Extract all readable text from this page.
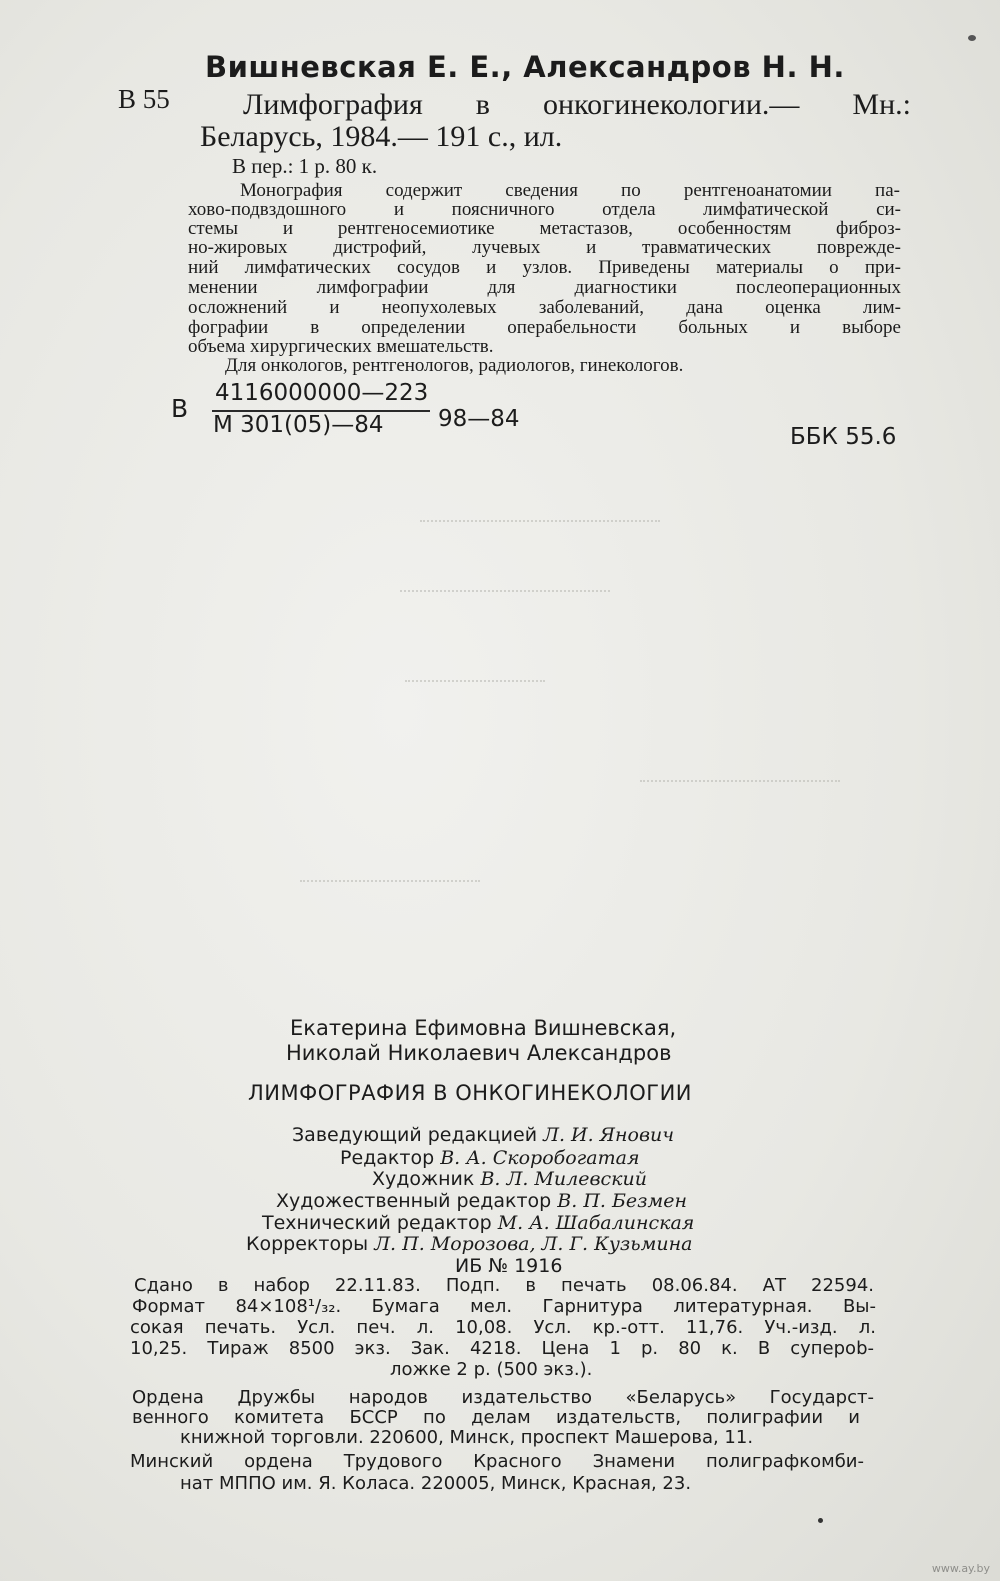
В 55
Вишневская Е. Е., Александров Н. Н.
Лимфография в онкогинекологии.— Мн.:
Беларусь, 1984.— 191 с., ил.
В пер.: 1 р. 80 к.
Монография содержит сведения по рентгеноанатомии па-
хово-подвздошного и поясничного отдела лимфатической си-
стемы и рентгеносемиотике метастазов, особенностям фиброз-
но-жировых дистрофий, лучевых и травматических поврежде-
ний лимфатических сосудов и узлов. Приведены материалы о при-
менении лимфографии для диагностики послеоперационных
осложнений и неопухолевых заболеваний, дана оценка лим-
фографии в определении операбельности больных и выборе
объема хирургических вмешательств.
Для онкологов, рентгенологов, радиологов, гинекологов.
В
4116000000—223
М 301(05)—84 98—84
ББК 55.6
Екатерина Ефимовна Вишневская,
Николай Николаевич Александров
ЛИМФОГРАФИЯ В ОНКОГИНЕКОЛОГИИ
Заведующий редакцией Л. И. Янович
Редактор В. А. Скоробогатая
Художник В. Л. Милевский
Художественный редактор В. П. Безмен
Технический редактор М. А. Шабалинская
Корректоры Л. П. Морозова, Л. Г. Кузьмина
ИБ № 1916
Сдано в набор 22.11.83. Подп. в печать 08.06.84. АТ 22594.
Формат 84×108¹/₃₂. Бумага мел. Гарнитура литературная. Вы-
сокая печать. Усл. печ. л. 10,08. Усл. кр.-отт. 11,76. Уч.-изд. л.
10,25. Тираж 8500 экз. Зак. 4218. Цена 1 р. 80 к. В суперob-
ложке 2 р. (500 экз.).
Ордена Дружбы народов издательство «Беларусь» Государст-
венного комитета БССР по делам издательств, полиграфии и
книжной торговли. 220600, Минск, проспект Машерова, 11.
Минский ордена Трудового Красного Знамени полиграфкомби-
нат МППО им. Я. Коласа. 220005, Минск, Красная, 23.
www.ay.by
